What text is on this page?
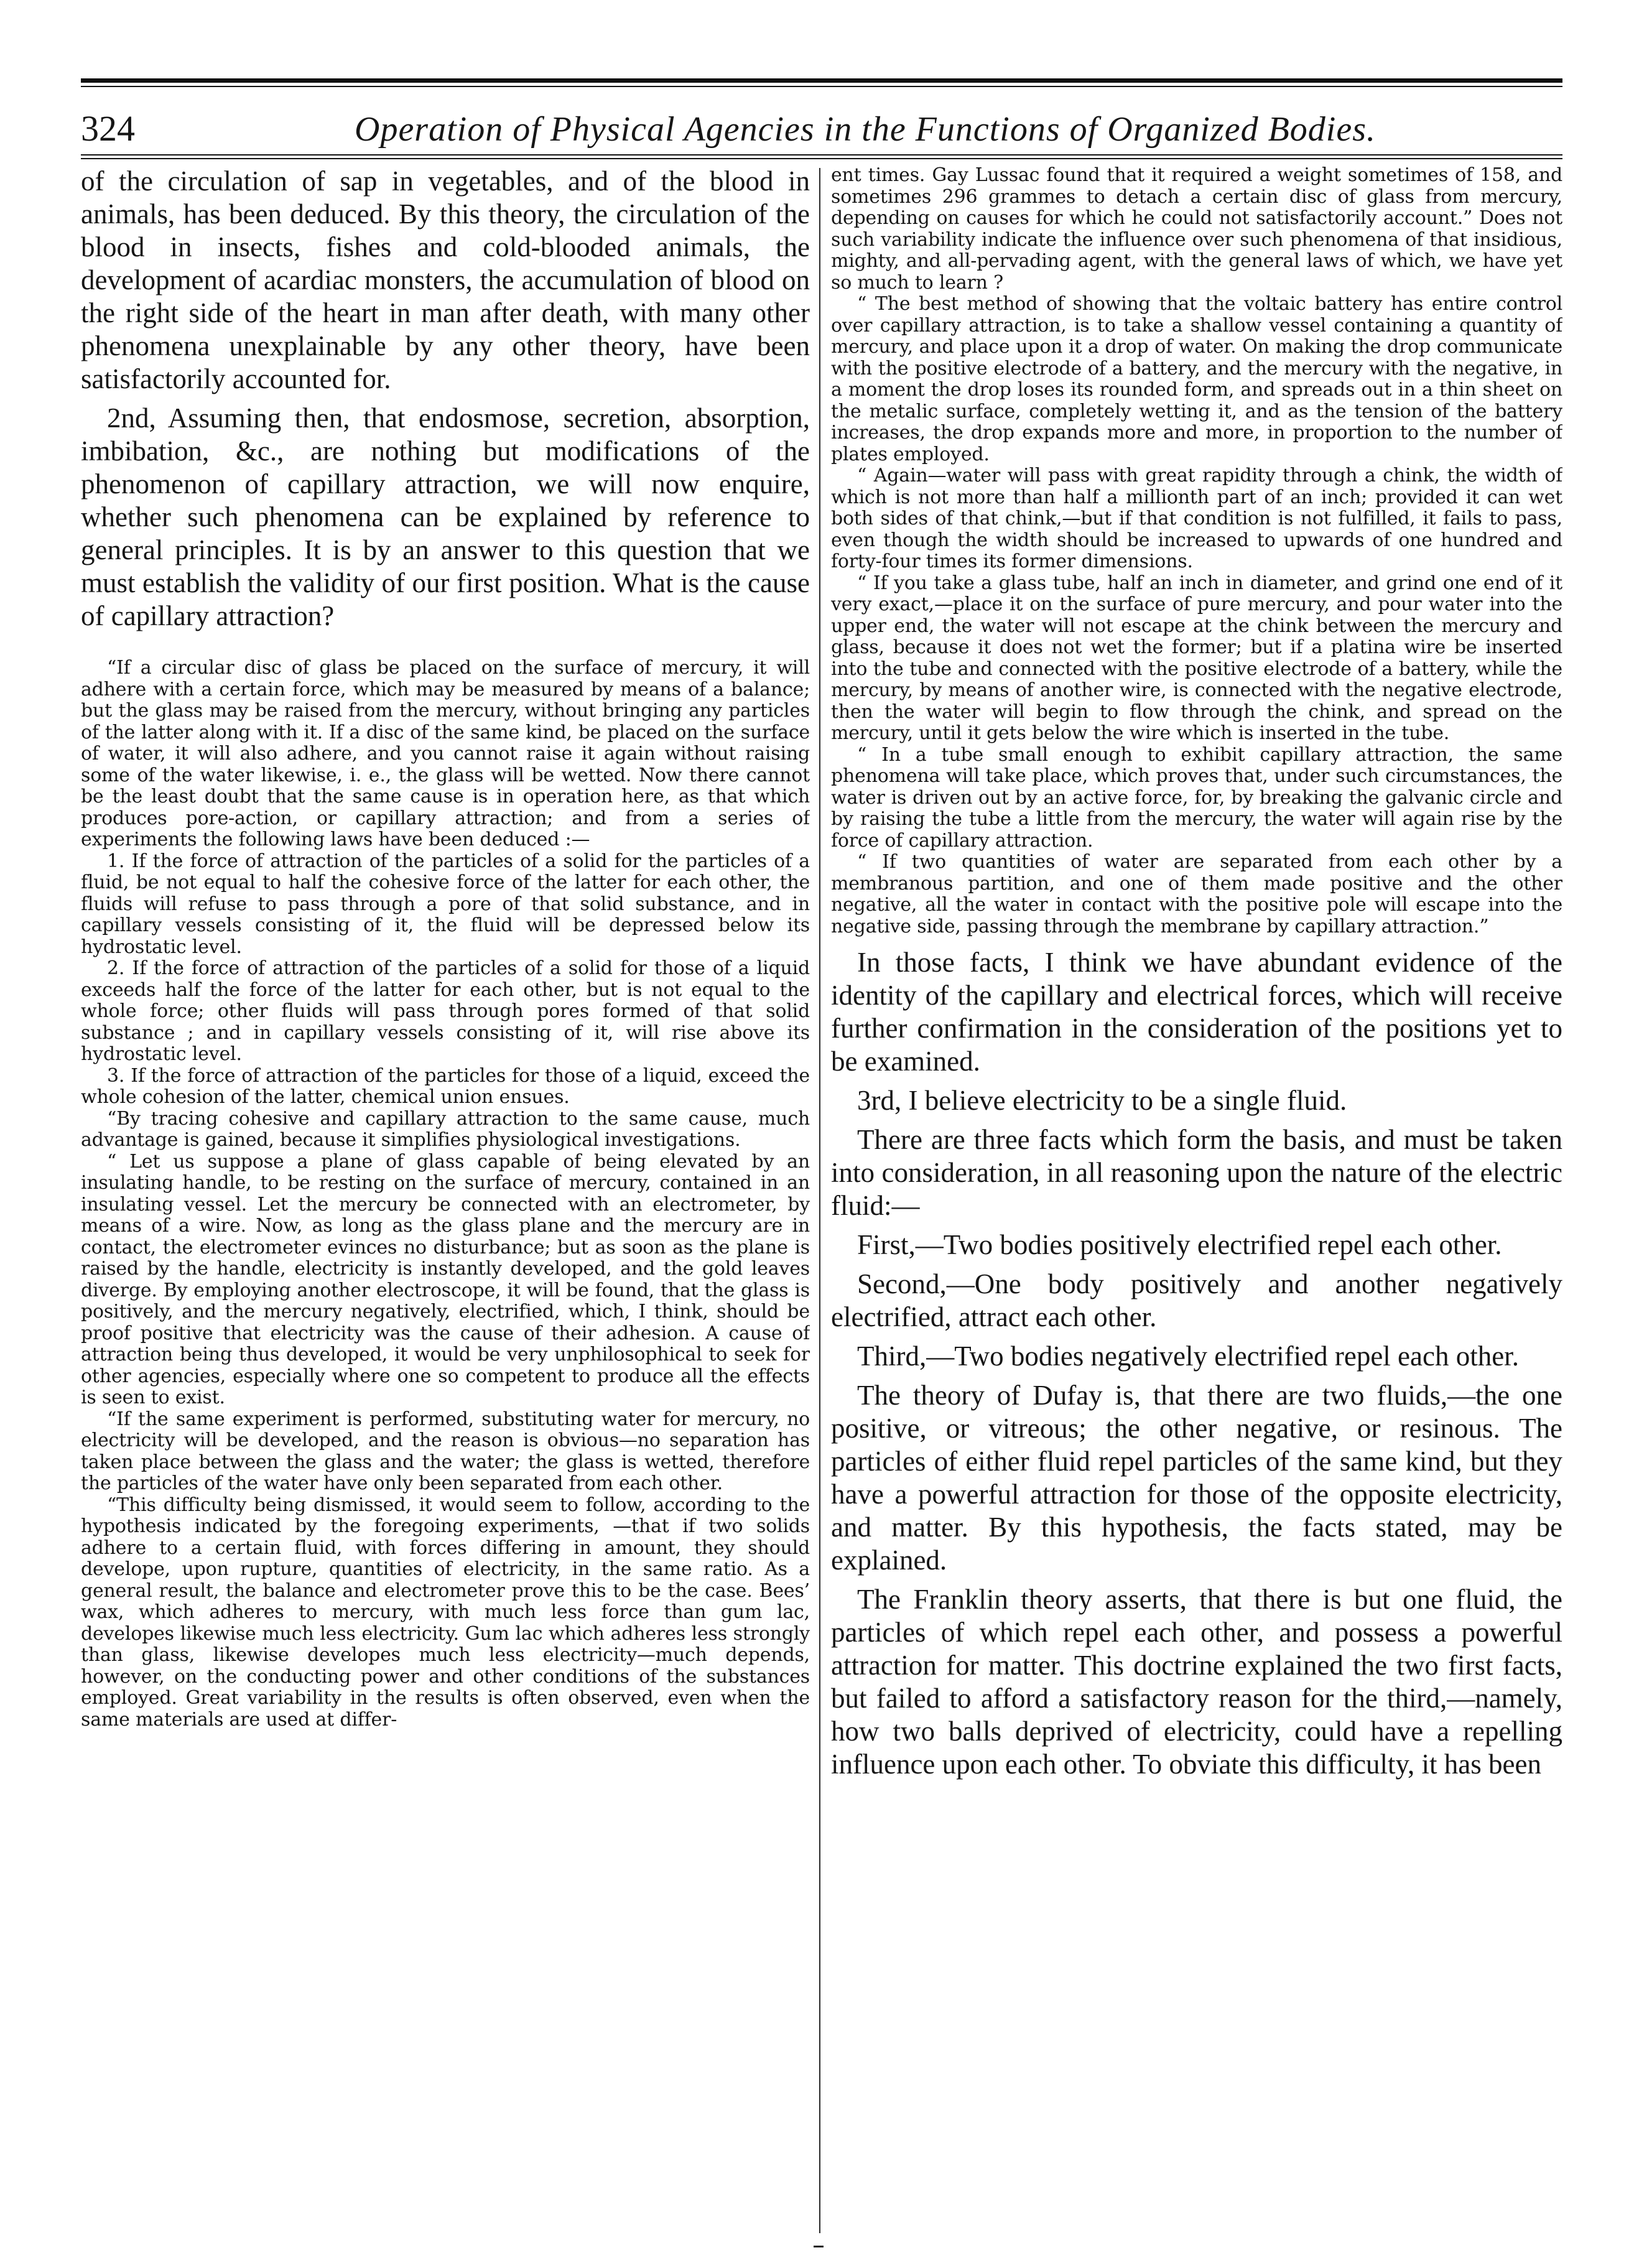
324	Operation of Physical Agencies in the Functions of Organized Bodies.

of the circulation of sap in vegetables, and of the blood in animals, has been deduced. By this theory, the circulation of the blood in insects, fishes and cold-blooded animals, the development of acardiac monsters, the accumulation of blood on the right side of the heart in man after death, with many other phenomena unexplainable by any other theory, have been satisfactorily accounted for.

2nd, Assuming then, that endosmose, secretion, absorption, imbibation, &c., are nothing but modifications of the phenomenon of capillary attraction, we will now enquire, whether such phenomena can be explained by reference to general principles. It is by an answer to this question that we must establish the validity of our first position. What is the cause of capillary attraction?

“If a circular disc of glass be placed on the surface of mercury, it will adhere with a certain force, which may be measured by means of a balance; but the glass may be raised from the mercury, without bringing any particles of the latter along with it. If a disc of the same kind, be placed on the surface of water, it will also adhere, and you cannot raise it again without raising some of the water likewise, i. e., the glass will be wetted. Now there cannot be the least doubt that the same cause is in operation here, as that which produces pore-action, or capillary attraction; and from a series of experiments the following laws have been deduced :—

1. If the force of attraction of the particles of a solid for the particles of a fluid, be not equal to half the cohesive force of the latter for each other, the fluids will refuse to pass through a pore of that solid substance, and in capillary vessels consisting of it, the fluid will be depressed below its hydrostatic level.

2. If the force of attraction of the particles of a solid for those of a liquid exceeds half the force of the latter for each other, but is not equal to the whole force; other fluids will pass through pores formed of that solid substance ; and in capillary vessels consisting of it, will rise above its hydrostatic level.

3. If the force of attraction of the particles for those of a liquid, exceed the whole cohesion of the latter, chemical union ensues.

“By tracing cohesive and capillary attraction to the same cause, much advantage is gained, because it simplifies physiological investigations.

“ Let us suppose a plane of glass capable of being elevated by an insulating handle, to be resting on the surface of mercury, contained in an insulating vessel. Let the mercury be connected with an electrometer, by means of a wire. Now, as long as the glass plane and the mercury are in contact, the electrometer evinces no disturbance; but as soon as the plane is raised by the handle, electricity is instantly developed, and the gold leaves diverge. By employing another electroscope, it will be found, that the glass is positively, and the mercury negatively, electrified, which, I think, should be proof positive that electricity was the cause of their adhesion. A cause of attraction being thus developed, it would be very unphilosophical to seek for other agencies, especially where one so competent to produce all the effects is seen to exist.

“If the same experiment is performed, substituting water for mercury, no electricity will be developed, and the reason is obvious—no separation has taken place between the glass and the water; the glass is wetted, therefore the particles of the water have only been separated from each other.

“This difficulty being dismissed, it would seem to follow, according to the hypothesis indicated by the foregoing experiments, —that if two solids adhere to a certain fluid, with forces differing in amount, they should develope, upon rupture, quantities of electricity, in the same ratio. As a general result, the balance and electrometer prove this to be the case. Bees’ wax, which adheres to mercury, with much less force than gum lac, developes likewise much less electricity. Gum lac which adheres less strongly than glass, likewise developes much less electricity—much depends, however, on the conducting power and other conditions of the substances employed. Great variability in the results is often observed, even when the same materials are used at differ-

ent times. Gay Lussac found that it required a weight sometimes of 158, and sometimes 296 grammes to detach a certain disc of glass from mercury, depending on causes for which he could not satisfactorily account.” Does not such variability indicate the influence over such phenomena of that insidious, mighty, and all-pervading agent, with the general laws of which, we have yet so much to learn ?

“ The best method of showing that the voltaic battery has entire control over capillary attraction, is to take a shallow vessel containing a quantity of mercury, and place upon it a drop of water. On making the drop communicate with the positive electrode of a battery, and the mercury with the negative, in a moment the drop loses its rounded form, and spreads out in a thin sheet on the metalic surface, completely wetting it, and as the tension of the battery increases, the drop expands more and more, in proportion to the number of plates employed.

“ Again—water will pass with great rapidity through a chink, the width of which is not more than half a millionth part of an inch; provided it can wet both sides of that chink,—but if that condition is not fulfilled, it fails to pass, even though the width should be increased to upwards of one hundred and forty-four times its former dimensions.

“ If you take a glass tube, half an inch in diameter, and grind one end of it very exact,—place it on the surface of pure mercury, and pour water into the upper end, the water will not escape at the chink between the mercury and glass, because it does not wet the former; but if a platina wire be inserted into the tube and connected with the positive electrode of a battery, while the mercury, by means of another wire, is connected with the negative electrode, then the water will begin to flow through the chink, and spread on the mercury, until it gets below the wire which is inserted in the tube.

“ In a tube small enough to exhibit capillary attraction, the same phenomena will take place, which proves that, under such circumstances, the water is driven out by an active force, for, by breaking the galvanic circle and by raising the tube a little from the mercury, the water will again rise by the force of capillary attraction.

“ If two quantities of water are separated from each other by a membranous partition, and one of them made positive and the other negative, all the water in contact with the positive pole will escape into the negative side, passing through the membrane by capillary attraction.”

In those facts, I think we have abundant evidence of the identity of the capillary and electrical forces, which will receive further confirmation in the consideration of the positions yet to be examined.

3rd, I believe electricity to be a single fluid.

There are three facts which form the basis, and must be taken into consideration, in all reasoning upon the nature of the electric fluid:—

First,—Two bodies positively electrified repel each other.

Second,—One body positively and another negatively electrified, attract each other.

Third,—Two bodies negatively electrified repel each other.

The theory of Dufay is, that there are two fluids,—the one positive, or vitreous; the other negative, or resinous. The particles of either fluid repel particles of the same kind, but they have a powerful attraction for those of the opposite electricity, and matter. By this hypothesis, the facts stated, may be explained.

The Franklin theory asserts, that there is but one fluid, the particles of which repel each other, and possess a powerful attraction for matter. This doctrine explained the two first facts, but failed to afford a satisfactory reason for the third,—namely, how two balls deprived of electricity, could have a repelling influence upon each other. To obviate this difficulty, it has been
